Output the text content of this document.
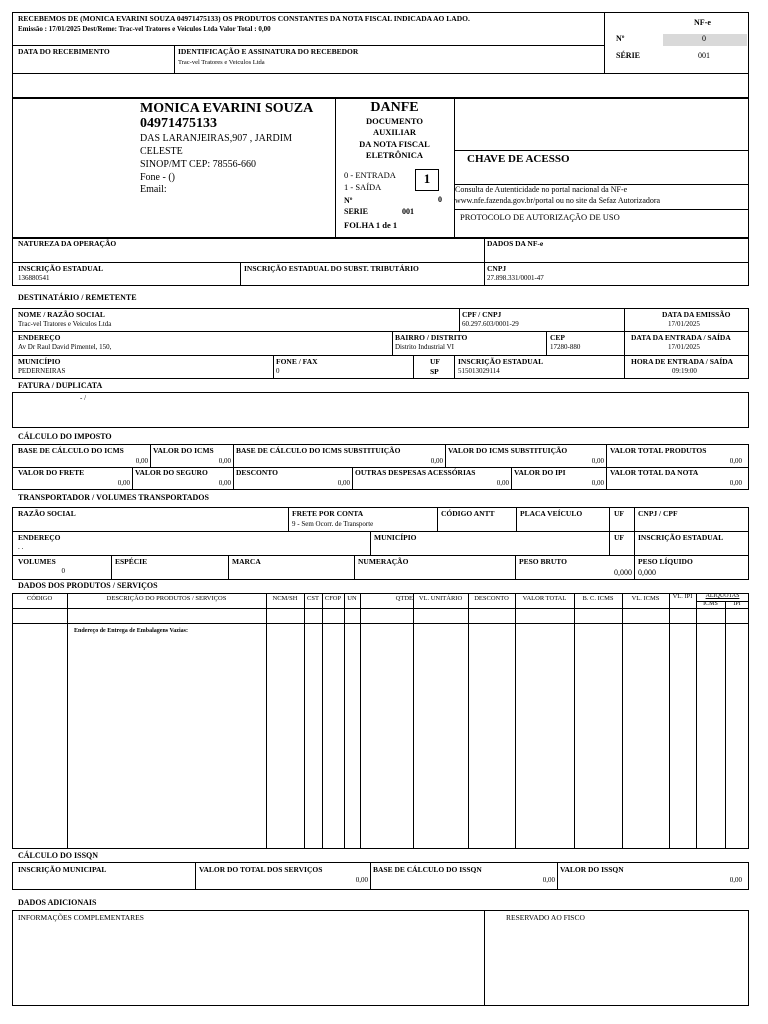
RECEBEMOS DE (MONICA EVARINI SOUZA 04971475133) OS PRODUTOS CONSTANTES DA NOTA FISCAL INDICADA AO LADO.
Emissão : 17/01/2025 Dest/Reme: Trac-vel Tratores e Veiculos Ltda Valor Total : 0,00
NF-e
Nº	0
SÉRIE	001
DATA DO RECEBIMENTO	IDENTIFICAÇÃO E ASSINATURA DO RECEBEDOR
Trac-vel Tratores e Veiculos Ltda
MONICA EVARINI SOUZA
04971475133
DAS LARANJEIRAS,907 , JARDIM
CELESTE
SINOP/MT CEP: 78556-660
Fone - ()
Email:
DANFE
DOCUMENTO
AUXILIAR
DA NOTA FISCAL
ELETRÔNICA
0 - ENTRADA
1 - SAÍDA
1
Nº	0
SERIE	001
FOLHA 1 de 1
CHAVE DE ACESSO
Consulta de Autenticidade no portal nacional da NF-e
www.nfe.fazenda.gov.br/portal ou no site da Sefaz Autorizadora
PROTOCOLO DE AUTORIZAÇÃO DE USO
NATUREZA DA OPERAÇÃO	DADOS DA NF-e
INSCRIÇÃO ESTADUAL
136880541
INSCRIÇÃO ESTADUAL DO SUBST. TRIBUTÁRIO	CNPJ
27.898.331/0001-47
DESTINATÁRIO / REMETENTE
NOME / RAZÃO SOCIAL
Trac-vel Tratores e Veiculos Ltda
CPF / CNPJ
60.297.603/0001-29
DATA DA EMISSÃO
17/01/2025
ENDEREÇO
Av Dr Raul David Pimentel, 150,
BAIRRO / DISTRITO
Distrito Industrial VI
CEP
17280-880
DATA DA ENTRADA / SAÍDA
17/01/2025
MUNICÍPIO
PEDERNEIRAS
FONE / FAX
0
UF
SP
INSCRIÇÃO ESTADUAL
515013029114
HORA DE ENTRADA / SAÍDA
09:19:00
FATURA / DUPLICATA
- /
CÁLCULO DO IMPOSTO
BASE DE CÁLCULO DO ICMS
0,00
VALOR DO ICMS
0,00
BASE DE CÁLCULO DO ICMS SUBSTITUIÇÃO
0,00
VALOR DO ICMS SUBSTITUIÇÃO
0,00
VALOR TOTAL PRODUTOS
0,00
VALOR DO FRETE
0,00
VALOR DO SEGURO
0,00
DESCONTO
0,00
OUTRAS DESPESAS ACESSÓRIAS
0,00
VALOR DO IPI
0,00
VALOR TOTAL DA NOTA
0,00
TRANSPORTADOR / VOLUMES TRANSPORTADOS
RAZÃO SOCIAL	FRETE POR CONTA
9 - Sem Ocorr. de Transporte
CÓDIGO ANTT	PLACA VEÍCULO	UF CNPJ / CPF
ENDEREÇO
. .
MUNICÍPIO	UF INSCRIÇÃO ESTADUAL
VOLUMES
0
ESPÉCIE	MARCA	NUMERAÇÃO	PESO BRUTO
0,000
PESO LÍQUIDO
0,000
DADOS DOS PRODUTOS / SERVIÇOS
CÓDIGO	DESCRIÇÃO DO PRODUTOS / SERVIÇOS	NCM/SH	CST CFOP UN	QTDE VL. UNITÁRIO	DESCONTO	VALOR TOTAL	B. C. ICMS	VL. ICMS	VL. IPI	ALIQUOTAS
ICMS	IPI
Endereço de Entrega de Embalagens Vazias:
CÁLCULO DO ISSQN
INSCRIÇÃO MUNICIPAL	VALOR DO TOTAL DOS SERVIÇOS
0,00
BASE DE CÁLCULO DO ISSQN
0,00
VALOR DO ISSQN
0,00
DADOS ADICIONAIS
INFORMAÇÕES COMPLEMENTARES	RESERVADO AO FISCO
